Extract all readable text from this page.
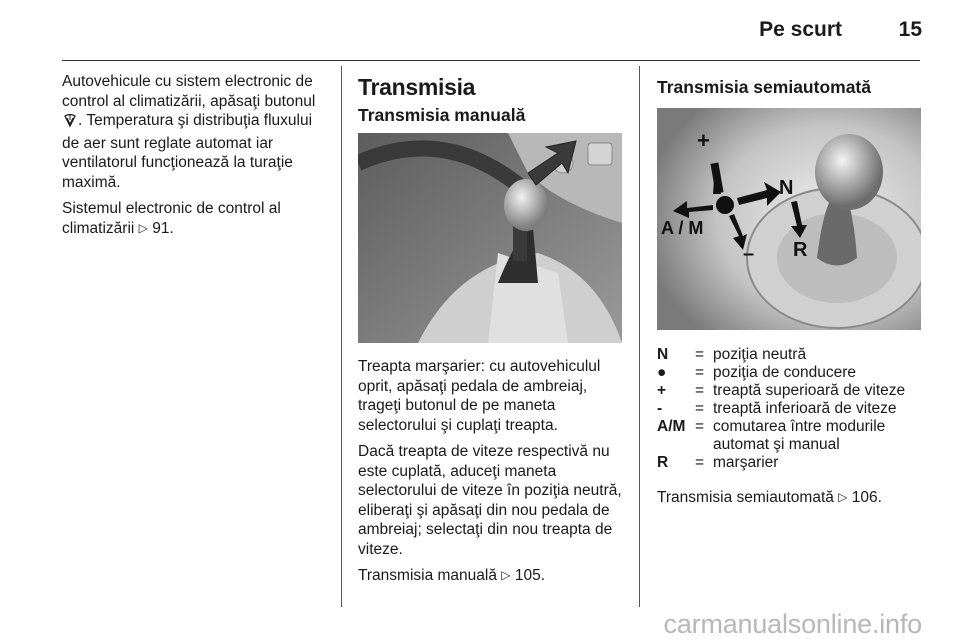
Pe scurt	15

Autovehicule cu sistem electronic de control al climatizării, apăsaţi butonul . Temperatura şi distribuţia fluxului de aer sunt reglate automat iar ventilatorul funcţionează la turaţie maximă.

Sistemul electronic de control al climatizării ▷ 91.

Transmisia
Transmisia manuală

Treapta marşarier: cu autovehiculul oprit, apăsaţi pedala de ambreiaj, trageţi butonul de pe maneta selectorului şi cuplaţi treapta.

Dacă treapta de viteze respectivă nu este cuplată, aduceţi maneta selectorului de viteze în poziţia neutră, eliberaţi şi apăsaţi din nou pedala de ambreiaj; selectaţi din nou treapta de viteze.

Transmisia manuală ▷ 105.

Transmisia semiautomată
+
N
A / M
– R
N	= poziţia neutră
●	= poziţia de conducere
+	= treaptă superioară de viteze
-	= treaptă inferioară de viteze
A/M = comutarea între modurile automat şi manual
R	= marşarier

Transmisia semiautomată ▷ 106.

carmanualsonline.info
